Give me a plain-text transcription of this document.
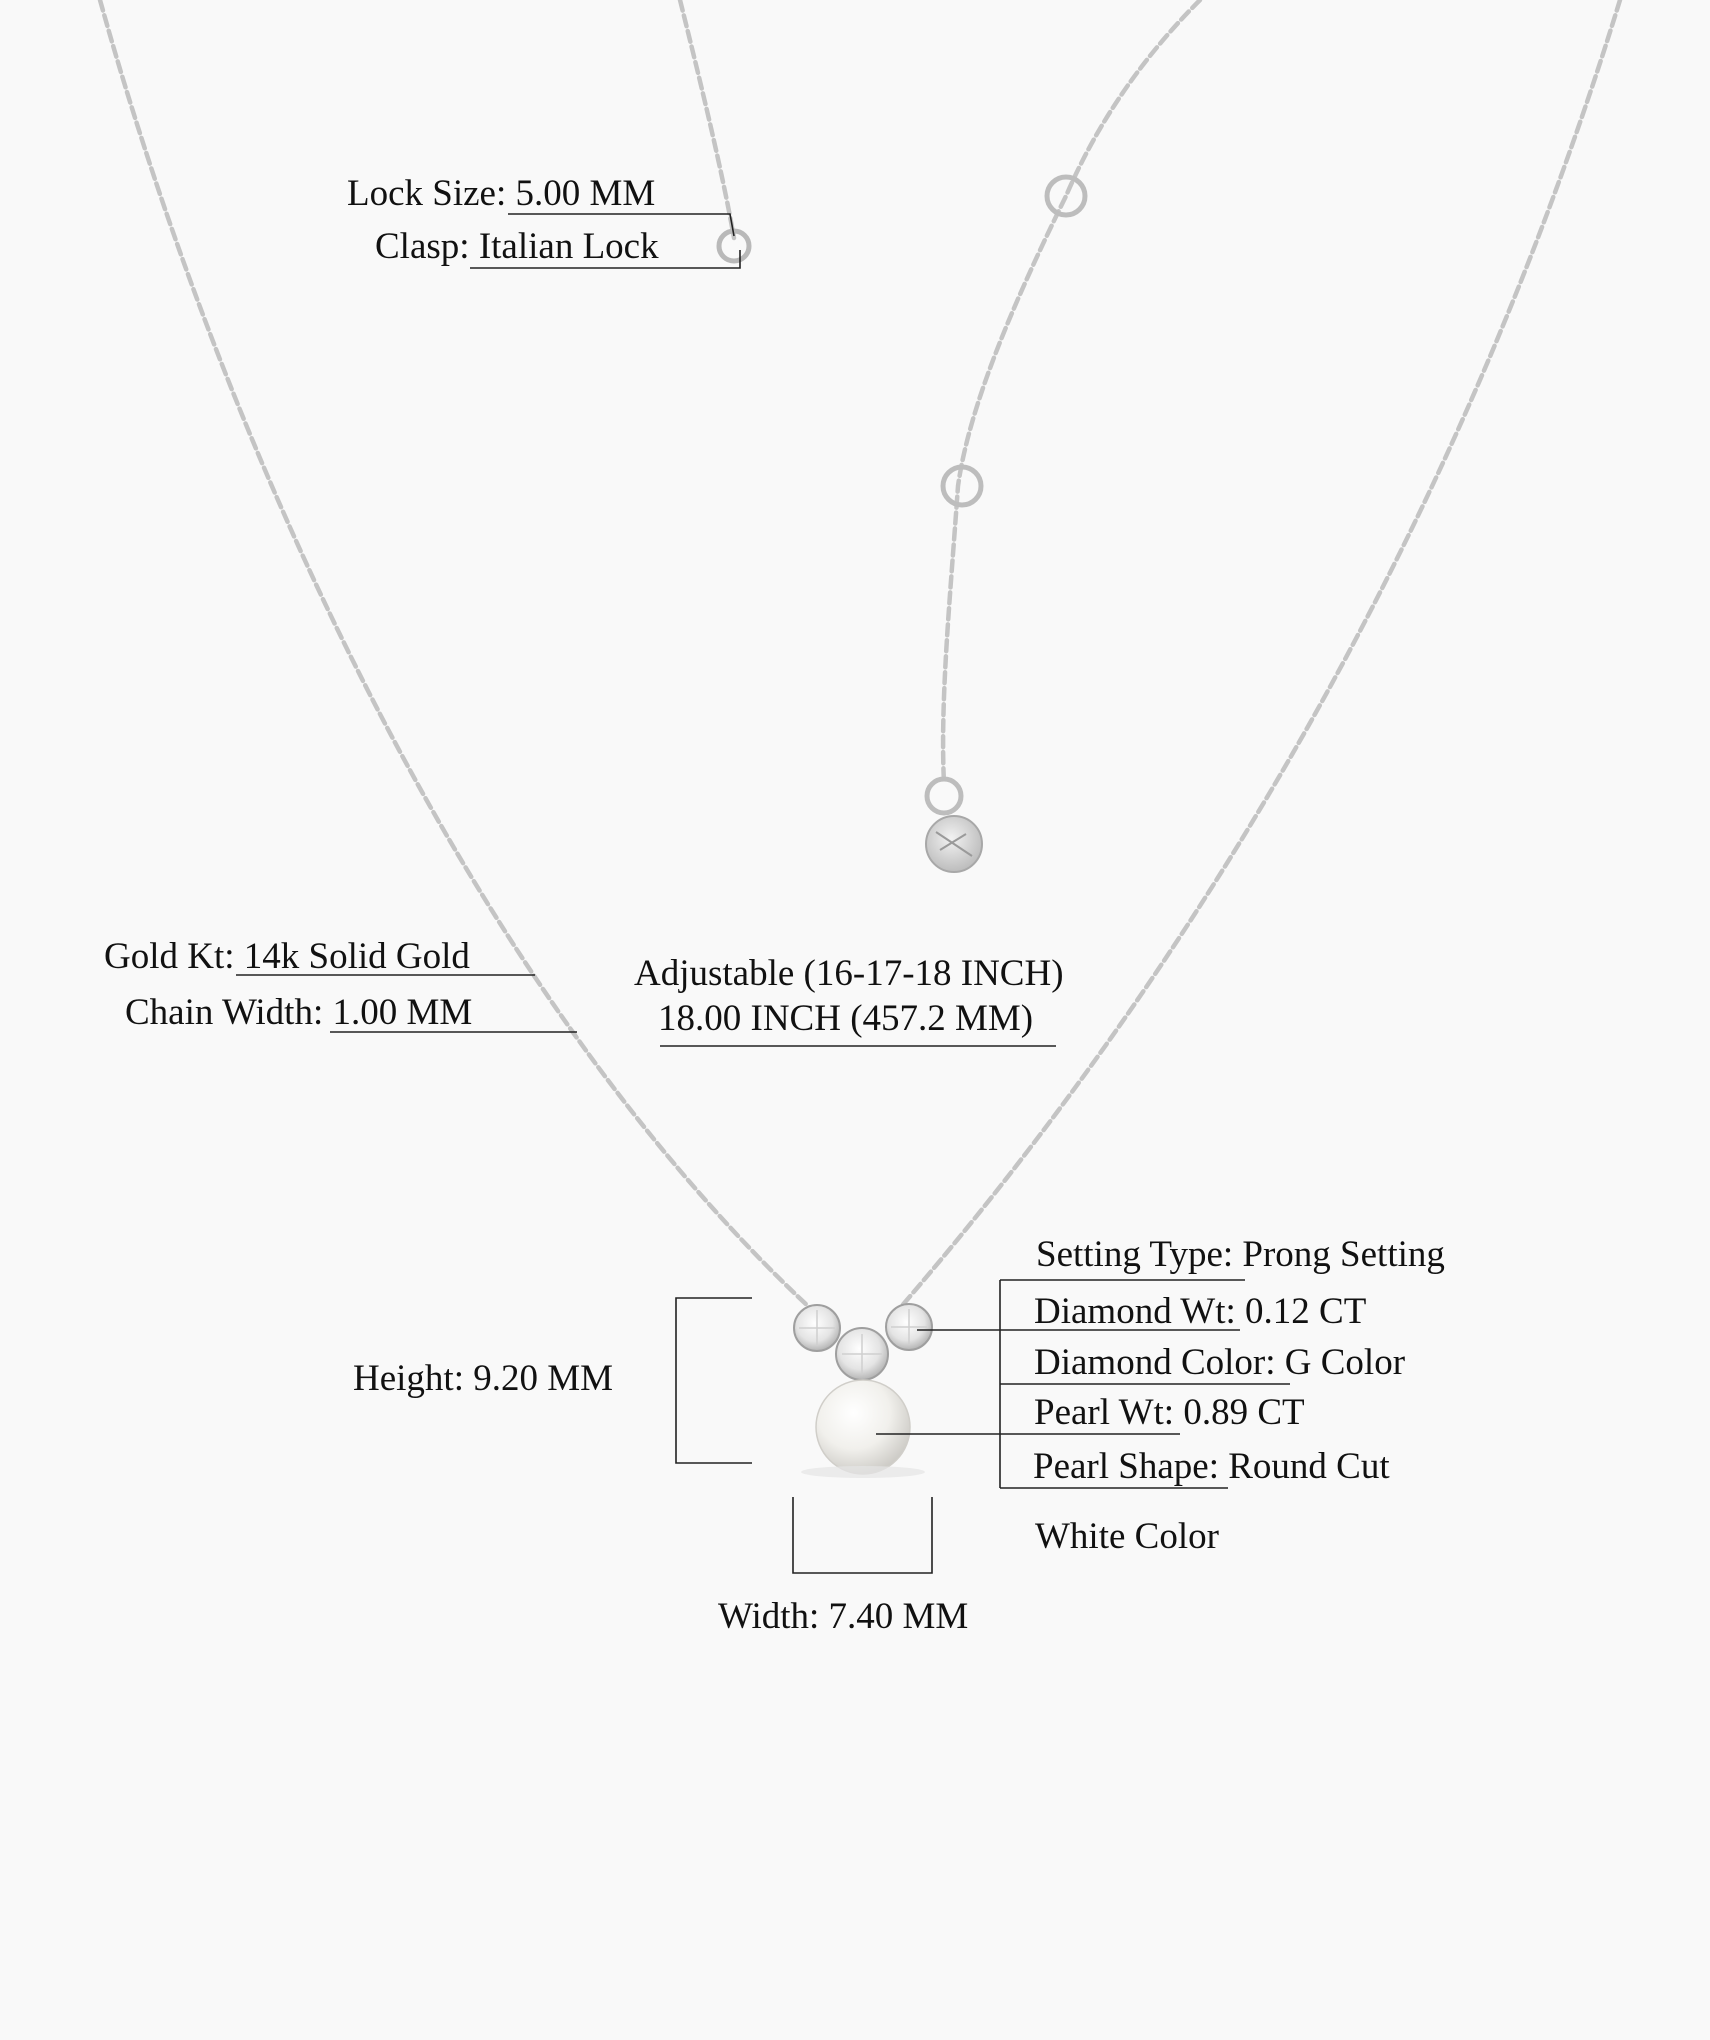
Lock Size: 5.00 MM
Clasp: Italian Lock
Gold Kt: 14k Solid Gold
Chain Width: 1.00 MM
Adjustable (16-17-18 INCH)
18.00 INCH (457.2 MM)
Setting Type: Prong Setting
Diamond Wt: 0.12 CT
Diamond Color: G Color
Pearl Wt: 0.89 CT
Pearl Shape: Round Cut
White Color
Height: 9.20 MM
Width: 7.40 MM
